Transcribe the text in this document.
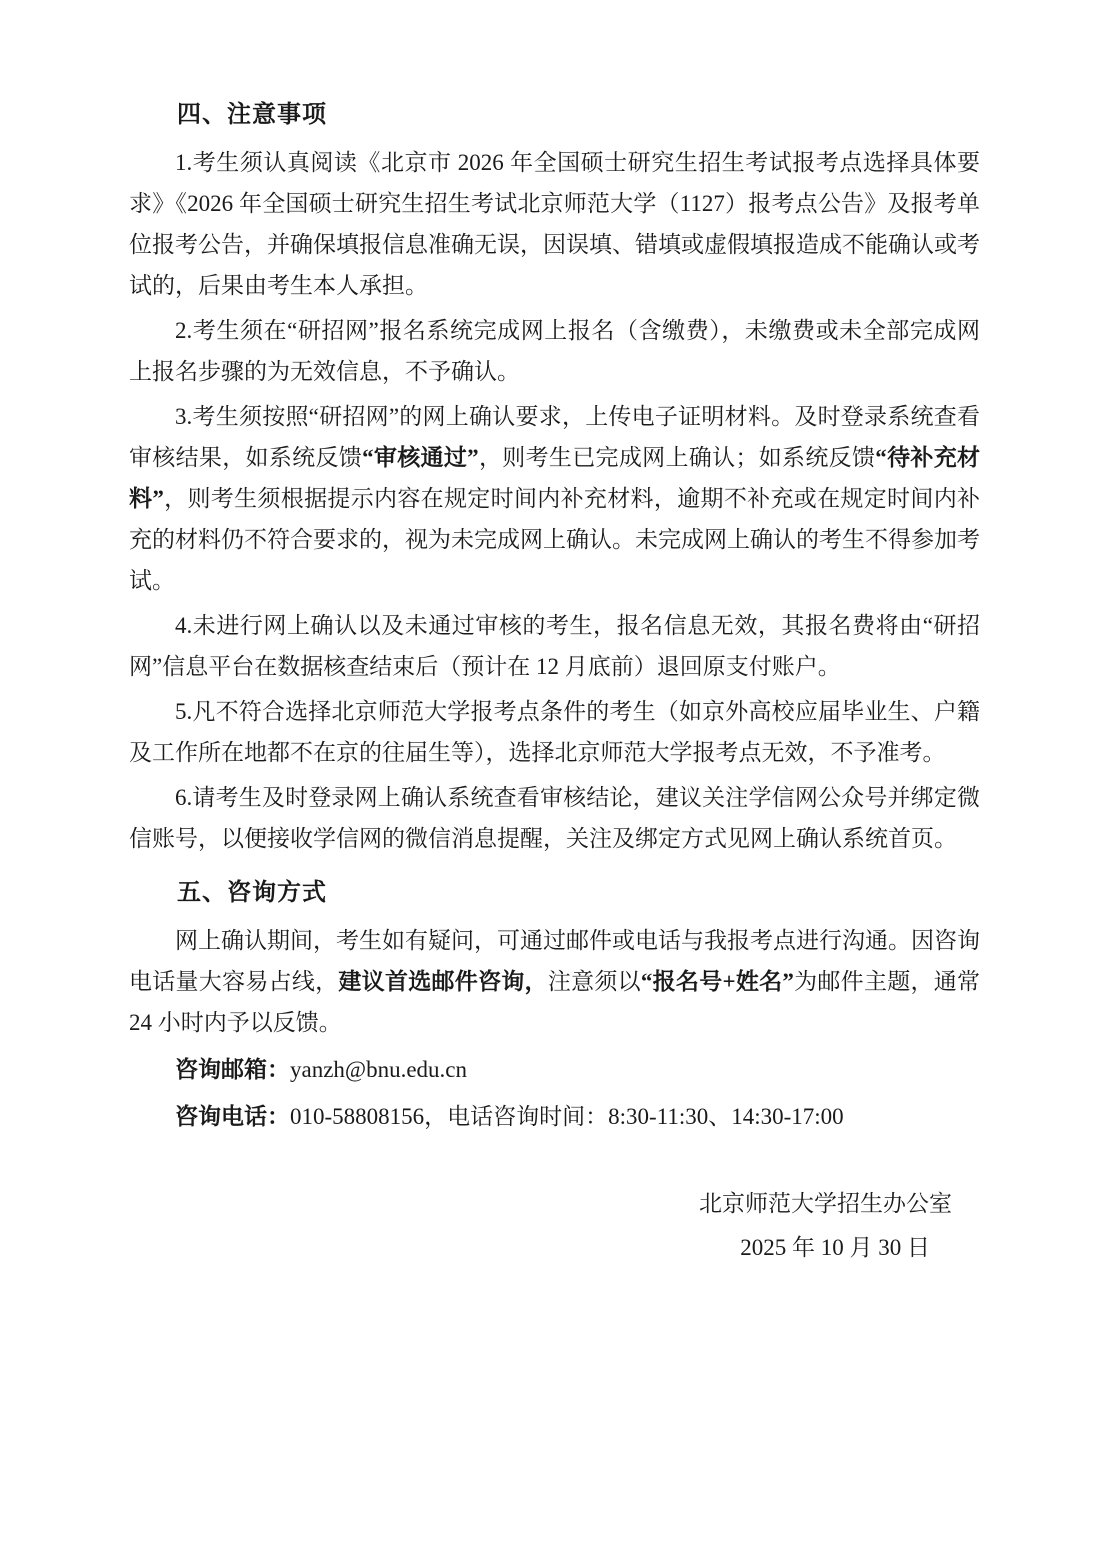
四、注意事项

1.考生须认真阅读《北京市 2026 年全国硕士研究生招生考试报考点选择具体要求》《2026 年全国硕士研究生招生考试北京师范大学（1127）报考点公告》及报考单位报考公告，并确保填报信息准确无误，因误填、错填或虚假填报造成不能确认或考试的，后果由考生本人承担。

2.考生须在“研招网”报名系统完成网上报名（含缴费），未缴费或未全部完成网上报名步骤的为无效信息，不予确认。

3.考生须按照“研招网”的网上确认要求，上传电子证明材料。及时登录系统查看审核结果，如系统反馈“审核通过”，则考生已完成网上确认；如系统反馈“待补充材料”，则考生须根据提示内容在规定时间内补充材料，逾期不补充或在规定时间内补充的材料仍不符合要求的，视为未完成网上确认。未完成网上确认的考生不得参加考试。

4.未进行网上确认以及未通过审核的考生，报名信息无效，其报名费将由“研招网”信息平台在数据核查结束后（预计在 12 月底前）退回原支付账户。

5.凡不符合选择北京师范大学报考点条件的考生（如京外高校应届毕业生、户籍及工作所在地都不在京的往届生等），选择北京师范大学报考点无效，不予准考。

6.请考生及时登录网上确认系统查看审核结论，建议关注学信网公众号并绑定微信账号，以便接收学信网的微信消息提醒，关注及绑定方式见网上确认系统首页。

五、咨询方式

网上确认期间，考生如有疑问，可通过邮件或电话与我报考点进行沟通。因咨询电话量大容易占线，建议首选邮件咨询，注意须以“报名号+姓名”为邮件主题，通常 24 小时内予以反馈。

咨询邮箱：yanzh@bnu.edu.cn

咨询电话：010-58808156，电话咨询时间：8:30-11:30、14:30-17:00

北京师范大学招生办公室
2025 年 10 月 30 日
